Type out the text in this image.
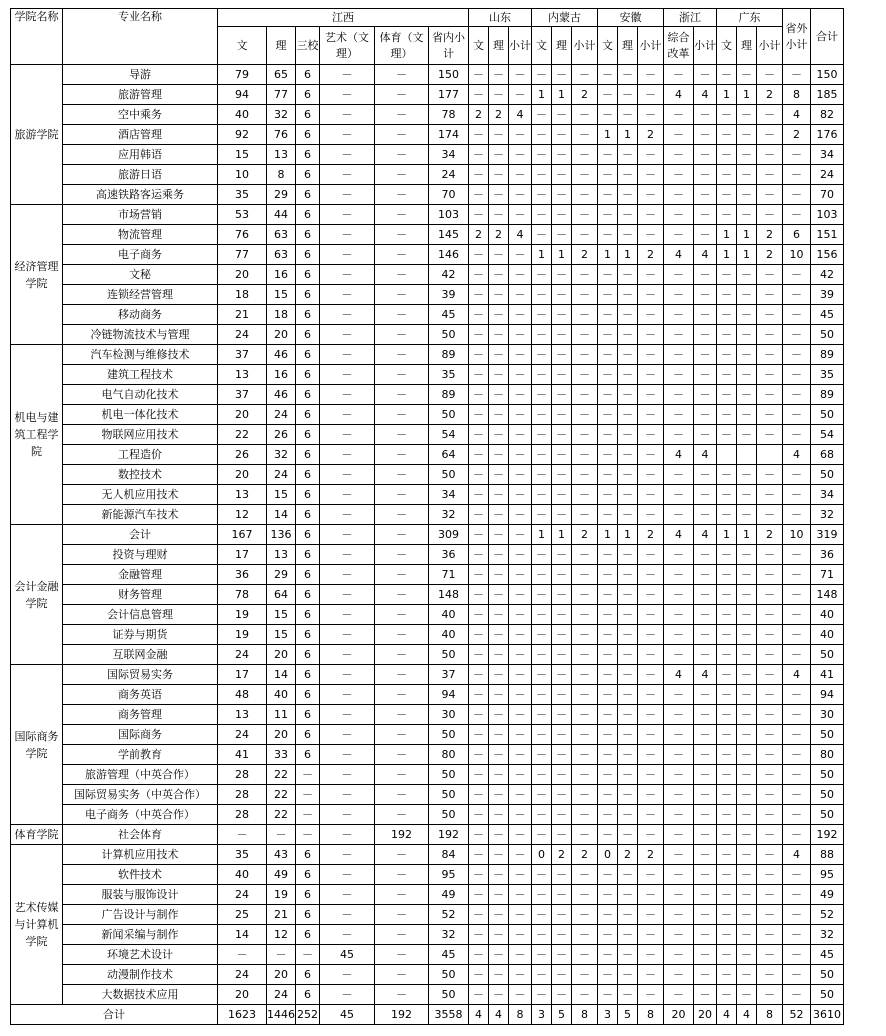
学院名称	专业名称	江西						山东			内蒙古			安徽			浙江		广东			省外小计	合计
		文	理	三校	艺术（文理）	体育（文理）	省内小计	文	理	小计	文	理	小计	文	理	小计	综合改革	小计	文	理	小计		
旅游学院	导游	79	65	6	－	－	150	－	－	－	－	－	－	－	－	－	－	－	－	－	－	－	150
	旅游管理	94	77	6	－	－	177	－	－	－	1	1	2	－	－	－	4	4	1	1	2	8	185
	空中乘务	40	32	6	－	－	78	2	2	4	－	－	－	－	－	－	－	－	－	－	－	4	82
	酒店管理	92	76	6	－	－	174	－	－	－	－	－	－	1	1	2	－	－	－	－	－	2	176
	应用韩语	15	13	6	－	－	34	－	－	－	－	－	－	－	－	－	－	－	－	－	－	－	34
	旅游日语	10	8	6	－	－	24	－	－	－	－	－	－	－	－	－	－	－	－	－	－	－	24
	高速铁路客运乘务	35	29	6	－	－	70	－	－	－	－	－	－	－	－	－	－	－	－	－	－	－	70
经济管理学院	市场营销	53	44	6	－	－	103	－	－	－	－	－	－	－	－	－	－	－	－	－	－	－	103
	物流管理	76	63	6	－	－	145	2	2	4	－	－	－	－	－	－	－	－	1	1	2	6	151
	电子商务	77	63	6	－	－	146	－	－	－	1	1	2	1	1	2	4	4	1	1	2	10	156
	文秘	20	16	6	－	－	42	－	－	－	－	－	－	－	－	－	－	－	－	－	－	－	42
	连锁经营管理	18	15	6	－	－	39	－	－	－	－	－	－	－	－	－	－	－	－	－	－	－	39
	移动商务	21	18	6	－	－	45	－	－	－	－	－	－	－	－	－	－	－	－	－	－	－	45
	冷链物流技术与管理	24	20	6	－	－	50	－	－	－	－	－	－	－	－	－	－	－	－	－	－	－	50
机电与建筑工程学院	汽车检测与维修技术	37	46	6	－	－	89	－	－	－	－	－	－	－	－	－	－	－	－	－	－	－	89
	建筑工程技术	13	16	6	－	－	35	－	－	－	－	－	－	－	－	－	－	－	－	－	－	－	35
	电气自动化技术	37	46	6	－	－	89	－	－	－	－	－	－	－	－	－	－	－	－	－	－	－	89
	机电一体化技术	20	24	6	－	－	50	－	－	－	－	－	－	－	－	－	－	－	－	－	－	－	50
	物联网应用技术	22	26	6	－	－	54	－	－	－	－	－	－	－	－	－	－	－	－	－	－	－	54
	工程造价	26	32	6	－	－	64	－	－	－	－	－	－	－	－	－	4	4				4	68
	数控技术	20	24	6	－	－	50	－	－	－	－	－	－	－	－	－	－	－	－	－	－	－	50
	无人机应用技术	13	15	6	－	－	34	－	－	－	－	－	－	－	－	－	－	－	－	－	－	－	34
	新能源汽车技术	12	14	6	－	－	32	－	－	－	－	－	－	－	－	－	－	－	－	－	－	－	32
会计金融学院	会计	167	136	6	－	－	309	－	－	－	1	1	2	1	1	2	4	4	1	1	2	10	319
	投资与理财	17	13	6	－	－	36	－	－	－	－	－	－	－	－	－	－	－	－	－	－	－	36
	金融管理	36	29	6	－	－	71	－	－	－	－	－	－	－	－	－	－	－	－	－	－	－	71
	财务管理	78	64	6	－	－	148	－	－	－	－	－	－	－	－	－	－	－	－	－	－	－	148
	会计信息管理	19	15	6	－	－	40	－	－	－	－	－	－	－	－	－	－	－	－	－	－	－	40
	证券与期货	19	15	6	－	－	40	－	－	－	－	－	－	－	－	－	－	－	－	－	－	－	40
	互联网金融	24	20	6	－	－	50	－	－	－	－	－	－	－	－	－	－	－	－	－	－	－	50
国际商务学院	国际贸易实务	17	14	6	－	－	37	－	－	－	－	－	－	－	－	－	4	4	－	－	－	4	41
	商务英语	48	40	6	－	－	94	－	－	－	－	－	－	－	－	－	－	－	－	－	－	－	94
	商务管理	13	11	6	－	－	30	－	－	－	－	－	－	－	－	－	－	－	－	－	－	－	30
	国际商务	24	20	6	－	－	50	－	－	－	－	－	－	－	－	－	－	－	－	－	－	－	50
	学前教育	41	33	6	－	－	80	－	－	－	－	－	－	－	－	－	－	－	－	－	－	－	80
	旅游管理（中英合作）	28	22	－	－	－	50	－	－	－	－	－	－	－	－	－	－	－	－	－	－	－	50
	国际贸易实务（中英合作）	28	22	－	－	－	50	－	－	－	－	－	－	－	－	－	－	－	－	－	－	－	50
	电子商务（中英合作）	28	22	－	－	－	50	－	－	－	－	－	－	－	－	－	－	－	－	－	－	－	50
体育学院	社会体育	－	－	－	－	192	192	－	－	－	－	－	－	－	－	－	－	－	－	－	－	－	192
艺术传媒与计算机学院	计算机应用技术	35	43	6	－	－	84	－	－	－	0	2	2	0	2	2	－	－	－	－	－	4	88
	软件技术	40	49	6	－	－	95	－	－	－	－	－	－	－	－	－	－	－	－	－	－	－	95
	服装与服饰设计	24	19	6	－	－	49	－	－	－	－	－	－	－	－	－	－	－	－	－	－	－	49
	广告设计与制作	25	21	6	－	－	52	－	－	－	－	－	－	－	－	－	－	－	－	－	－	－	52
	新闻采编与制作	14	12	6	－	－	32	－	－	－	－	－	－	－	－	－	－	－	－	－	－	－	32
	环境艺术设计	－	－	－	45	－	45	－	－	－	－	－	－	－	－	－	－	－	－	－	－	－	45
	动漫制作技术	24	20	6	－	－	50	－	－	－	－	－	－	－	－	－	－	－	－	－	－	－	50
	大数据技术应用	20	24	6	－	－	50	－	－	－	－	－	－	－	－	－	－	－	－	－	－	－	50
合计		1623	1446	252	45	192	3558	4	4	8	3	5	8	3	5	8	20	20	4	4	8	52	3610
